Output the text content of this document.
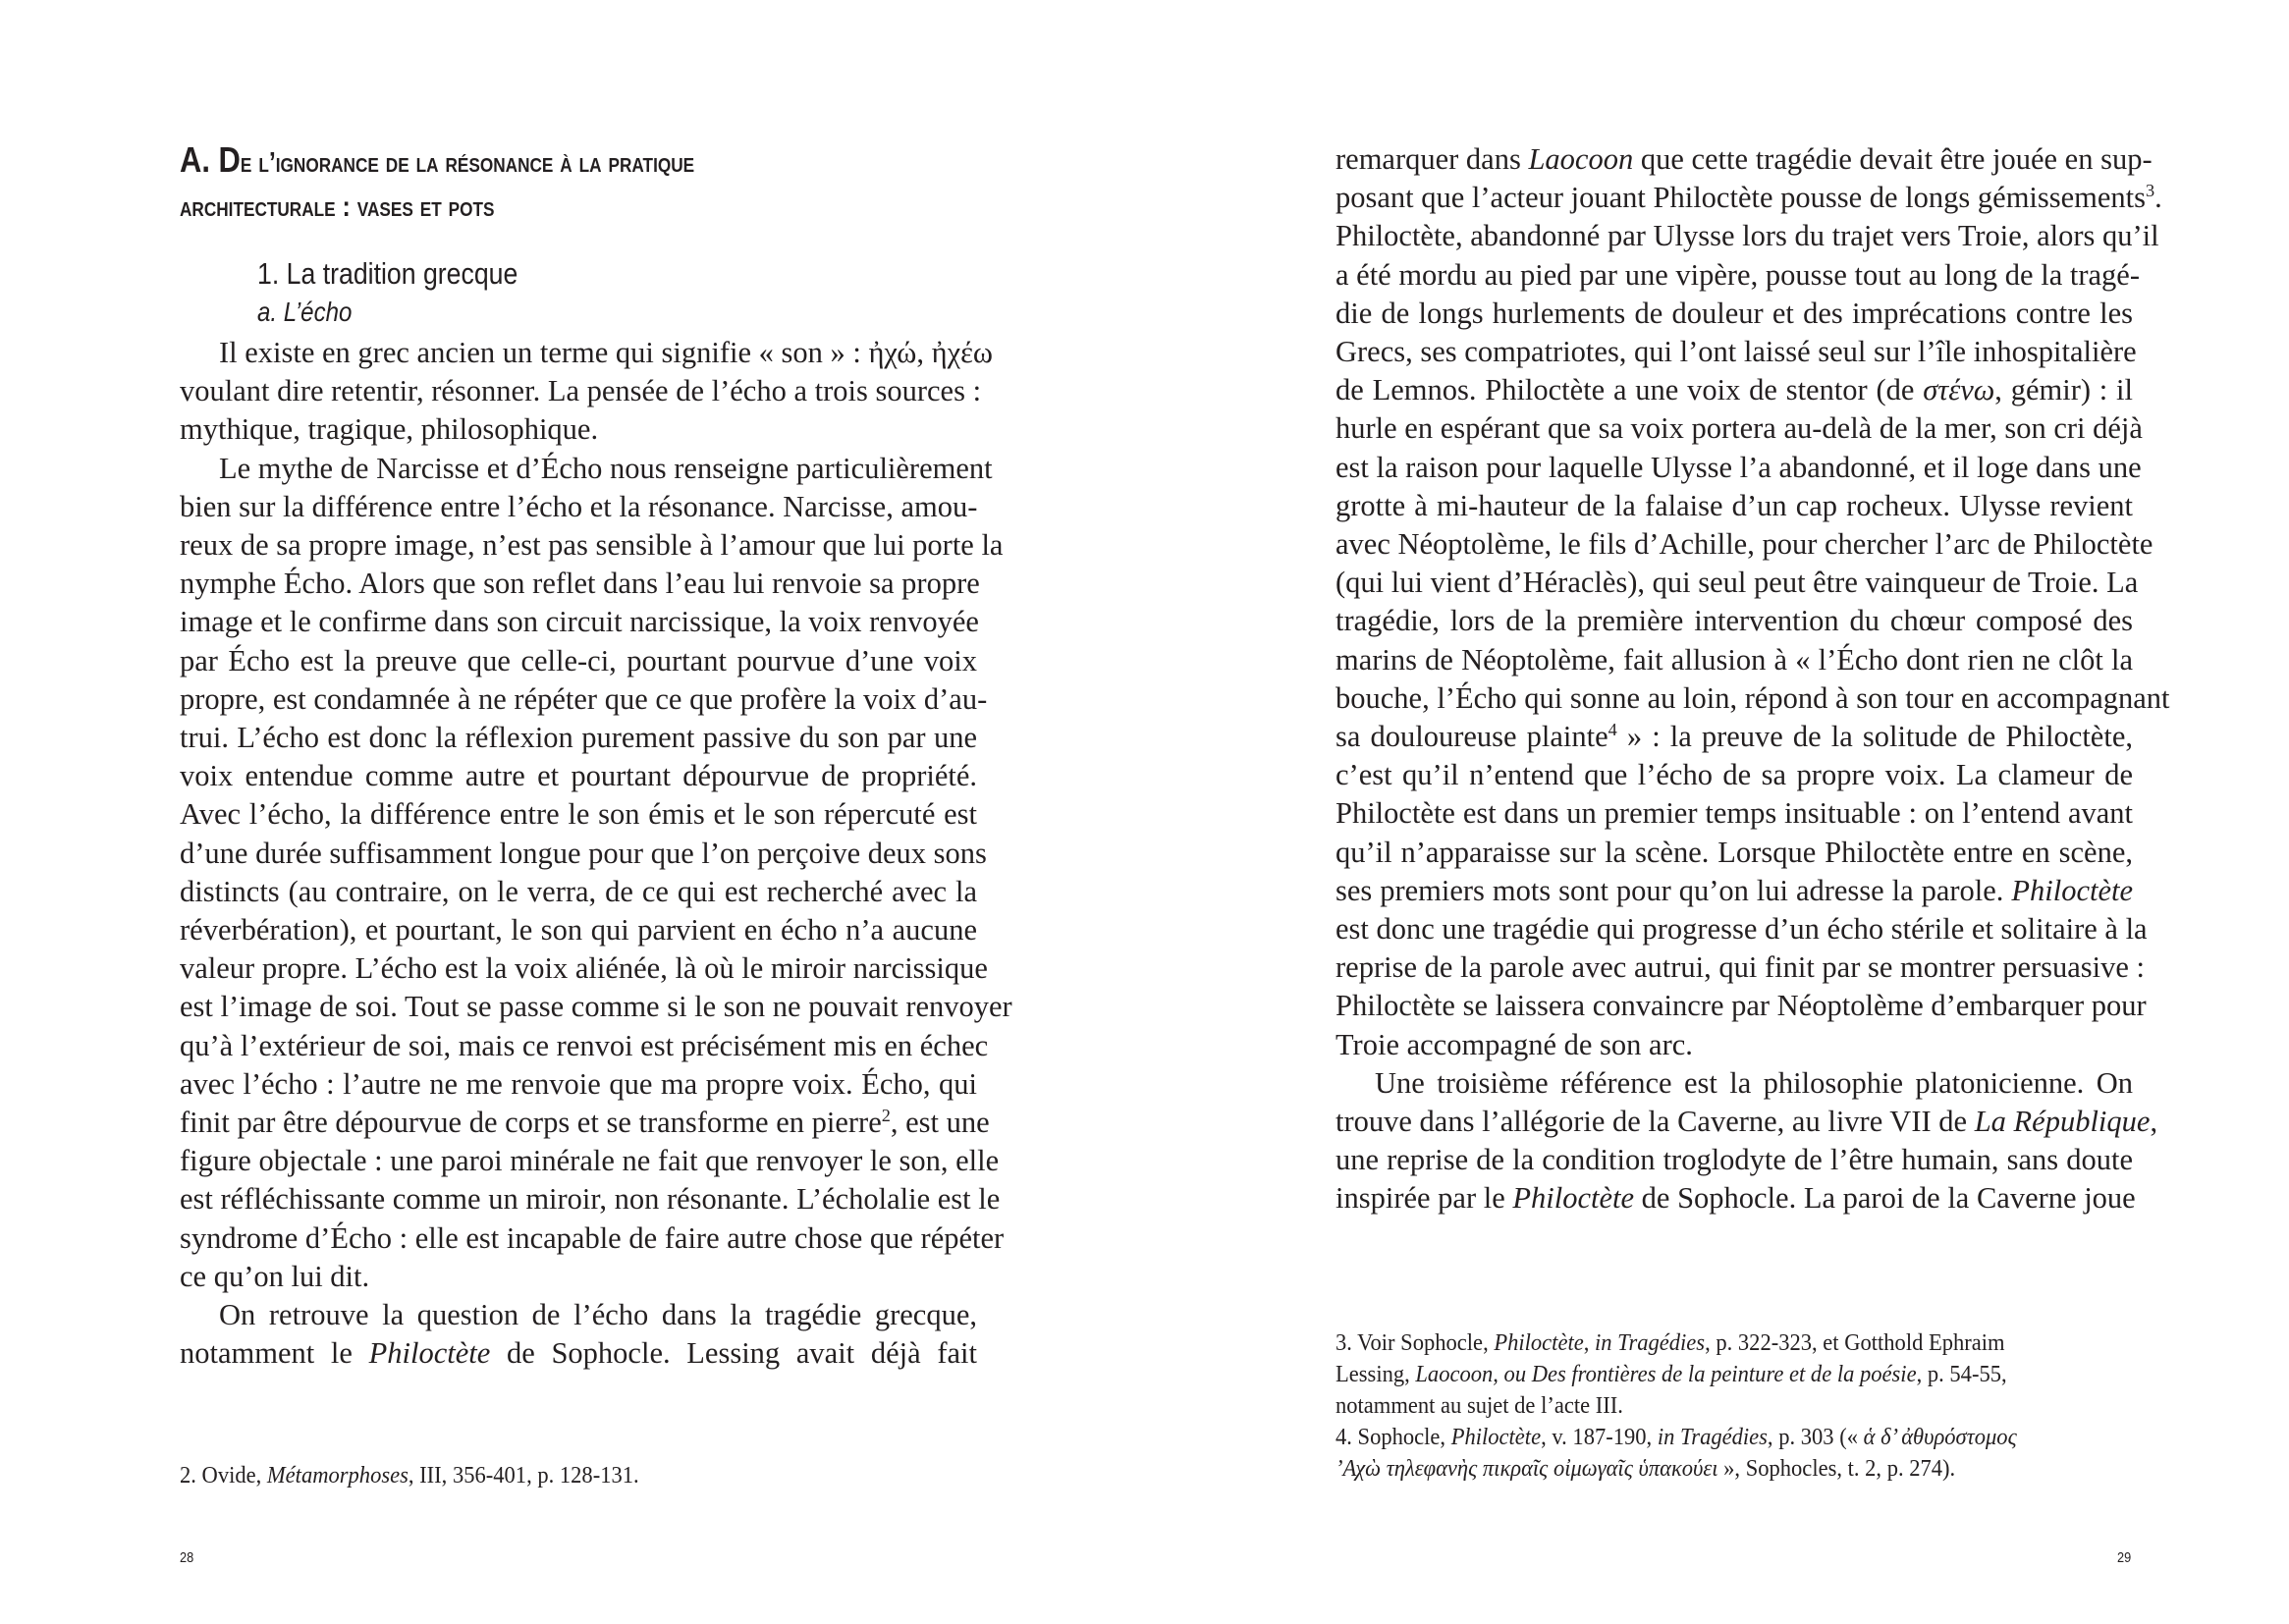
A. De l’ignorance de la résonance à la pratique
architecturale : vases et pots
1. La tradition grecque
a. L’écho
Il existe en grec ancien un terme qui signifie « son » : ἠχώ, ἠχέω
voulant dire retentir, résonner. La pensée de l’écho a trois sources :
mythique, tragique, philosophique.
Le mythe de Narcisse et d’Écho nous renseigne particulièrement
bien sur la différence entre l’écho et la résonance. Narcisse, amou-
reux de sa propre image, n’est pas sensible à l’amour que lui porte la
nymphe Écho. Alors que son reflet dans l’eau lui renvoie sa propre
image et le confirme dans son circuit narcissique, la voix renvoyée
par Écho est la preuve que celle-ci, pourtant pourvue d’une voix
propre, est condamnée à ne répéter que ce que profère la voix d’au-
trui. L’écho est donc la réflexion purement passive du son par une
voix entendue comme autre et pourtant dépourvue de propriété.
Avec l’écho, la différence entre le son émis et le son répercuté est
d’une durée suffisamment longue pour que l’on perçoive deux sons
distincts (au contraire, on le verra, de ce qui est recherché avec la
réverbération), et pourtant, le son qui parvient en écho n’a aucune
valeur propre. L’écho est la voix aliénée, là où le miroir narcissique
est l’image de soi. Tout se passe comme si le son ne pouvait renvoyer
qu’à l’extérieur de soi, mais ce renvoi est précisément mis en échec
avec l’écho : l’autre ne me renvoie que ma propre voix. Écho, qui
finit par être dépourvue de corps et se transforme en pierre$^2$, est une
figure objectale : une paroi minérale ne fait que renvoyer le son, elle
est réfléchissante comme un miroir, non résonante. L’écholalie est le
syndrome d’Écho : elle est incapable de faire autre chose que répéter
ce qu’on lui dit.
On retrouve la question de l’écho dans la tragédie grecque,
notamment le Philoctète de Sophocle. Lessing avait déjà fait
2. Ovide, Métamorphoses, III, 356-401, p. 128-131.
28
remarquer dans Laocoon que cette tragédie devait être jouée en sup-
posant que l’acteur jouant Philoctète pousse de longs gémissements$^3$.
Philoctète, abandonné par Ulysse lors du trajet vers Troie, alors qu’il
a été mordu au pied par une vipère, pousse tout au long de la tragé-
die de longs hurlements de douleur et des imprécations contre les
Grecs, ses compatriotes, qui l’ont laissé seul sur l’île inhospitalière
de Lemnos. Philoctète a une voix de stentor (de στένω, gémir) : il
hurle en espérant que sa voix portera au-delà de la mer, son cri déjà
est la raison pour laquelle Ulysse l’a abandonné, et il loge dans une
grotte à mi-hauteur de la falaise d’un cap rocheux. Ulysse revient
avec Néoptolème, le fils d’Achille, pour chercher l’arc de Philoctète
(qui lui vient d’Héraclès), qui seul peut être vainqueur de Troie. La
tragédie, lors de la première intervention du chœur composé des
marins de Néoptolème, fait allusion à « l’Écho dont rien ne clôt la
bouche, l’Écho qui sonne au loin, répond à son tour en accompagnant
sa douloureuse plainte$^4$ » : la preuve de la solitude de Philoctète,
c’est qu’il n’entend que l’écho de sa propre voix. La clameur de
Philoctète est dans un premier temps insituable : on l’entend avant
qu’il n’apparaisse sur la scène. Lorsque Philoctète entre en scène,
ses premiers mots sont pour qu’on lui adresse la parole. Philoctète
est donc une tragédie qui progresse d’un écho stérile et solitaire à la
reprise de la parole avec autrui, qui finit par se montrer persuasive :
Philoctète se laissera convaincre par Néoptolème d’embarquer pour
Troie accompagné de son arc.
Une troisième référence est la philosophie platonicienne. On
trouve dans l’allégorie de la Caverne, au livre VII de La République,
une reprise de la condition troglodyte de l’être humain, sans doute
inspirée par le Philoctète de Sophocle. La paroi de la Caverne joue
3. Voir Sophocle, Philoctète, in Tragédies, p. 322-323, et Gotthold Ephraim
Lessing, Laocoon, ou Des frontières de la peinture et de la poésie, p. 54-55,
notamment au sujet de l’acte III.
4. Sophocle, Philoctète, v. 187-190, in Tragédies, p. 303 (« ἁ δ’ ἀθυρόστομος
’Αχὼ τηλεφανὴς πικραῖς οἰμωγαῖς ὑπακούει », Sophocles, t. 2, p. 274).
29
